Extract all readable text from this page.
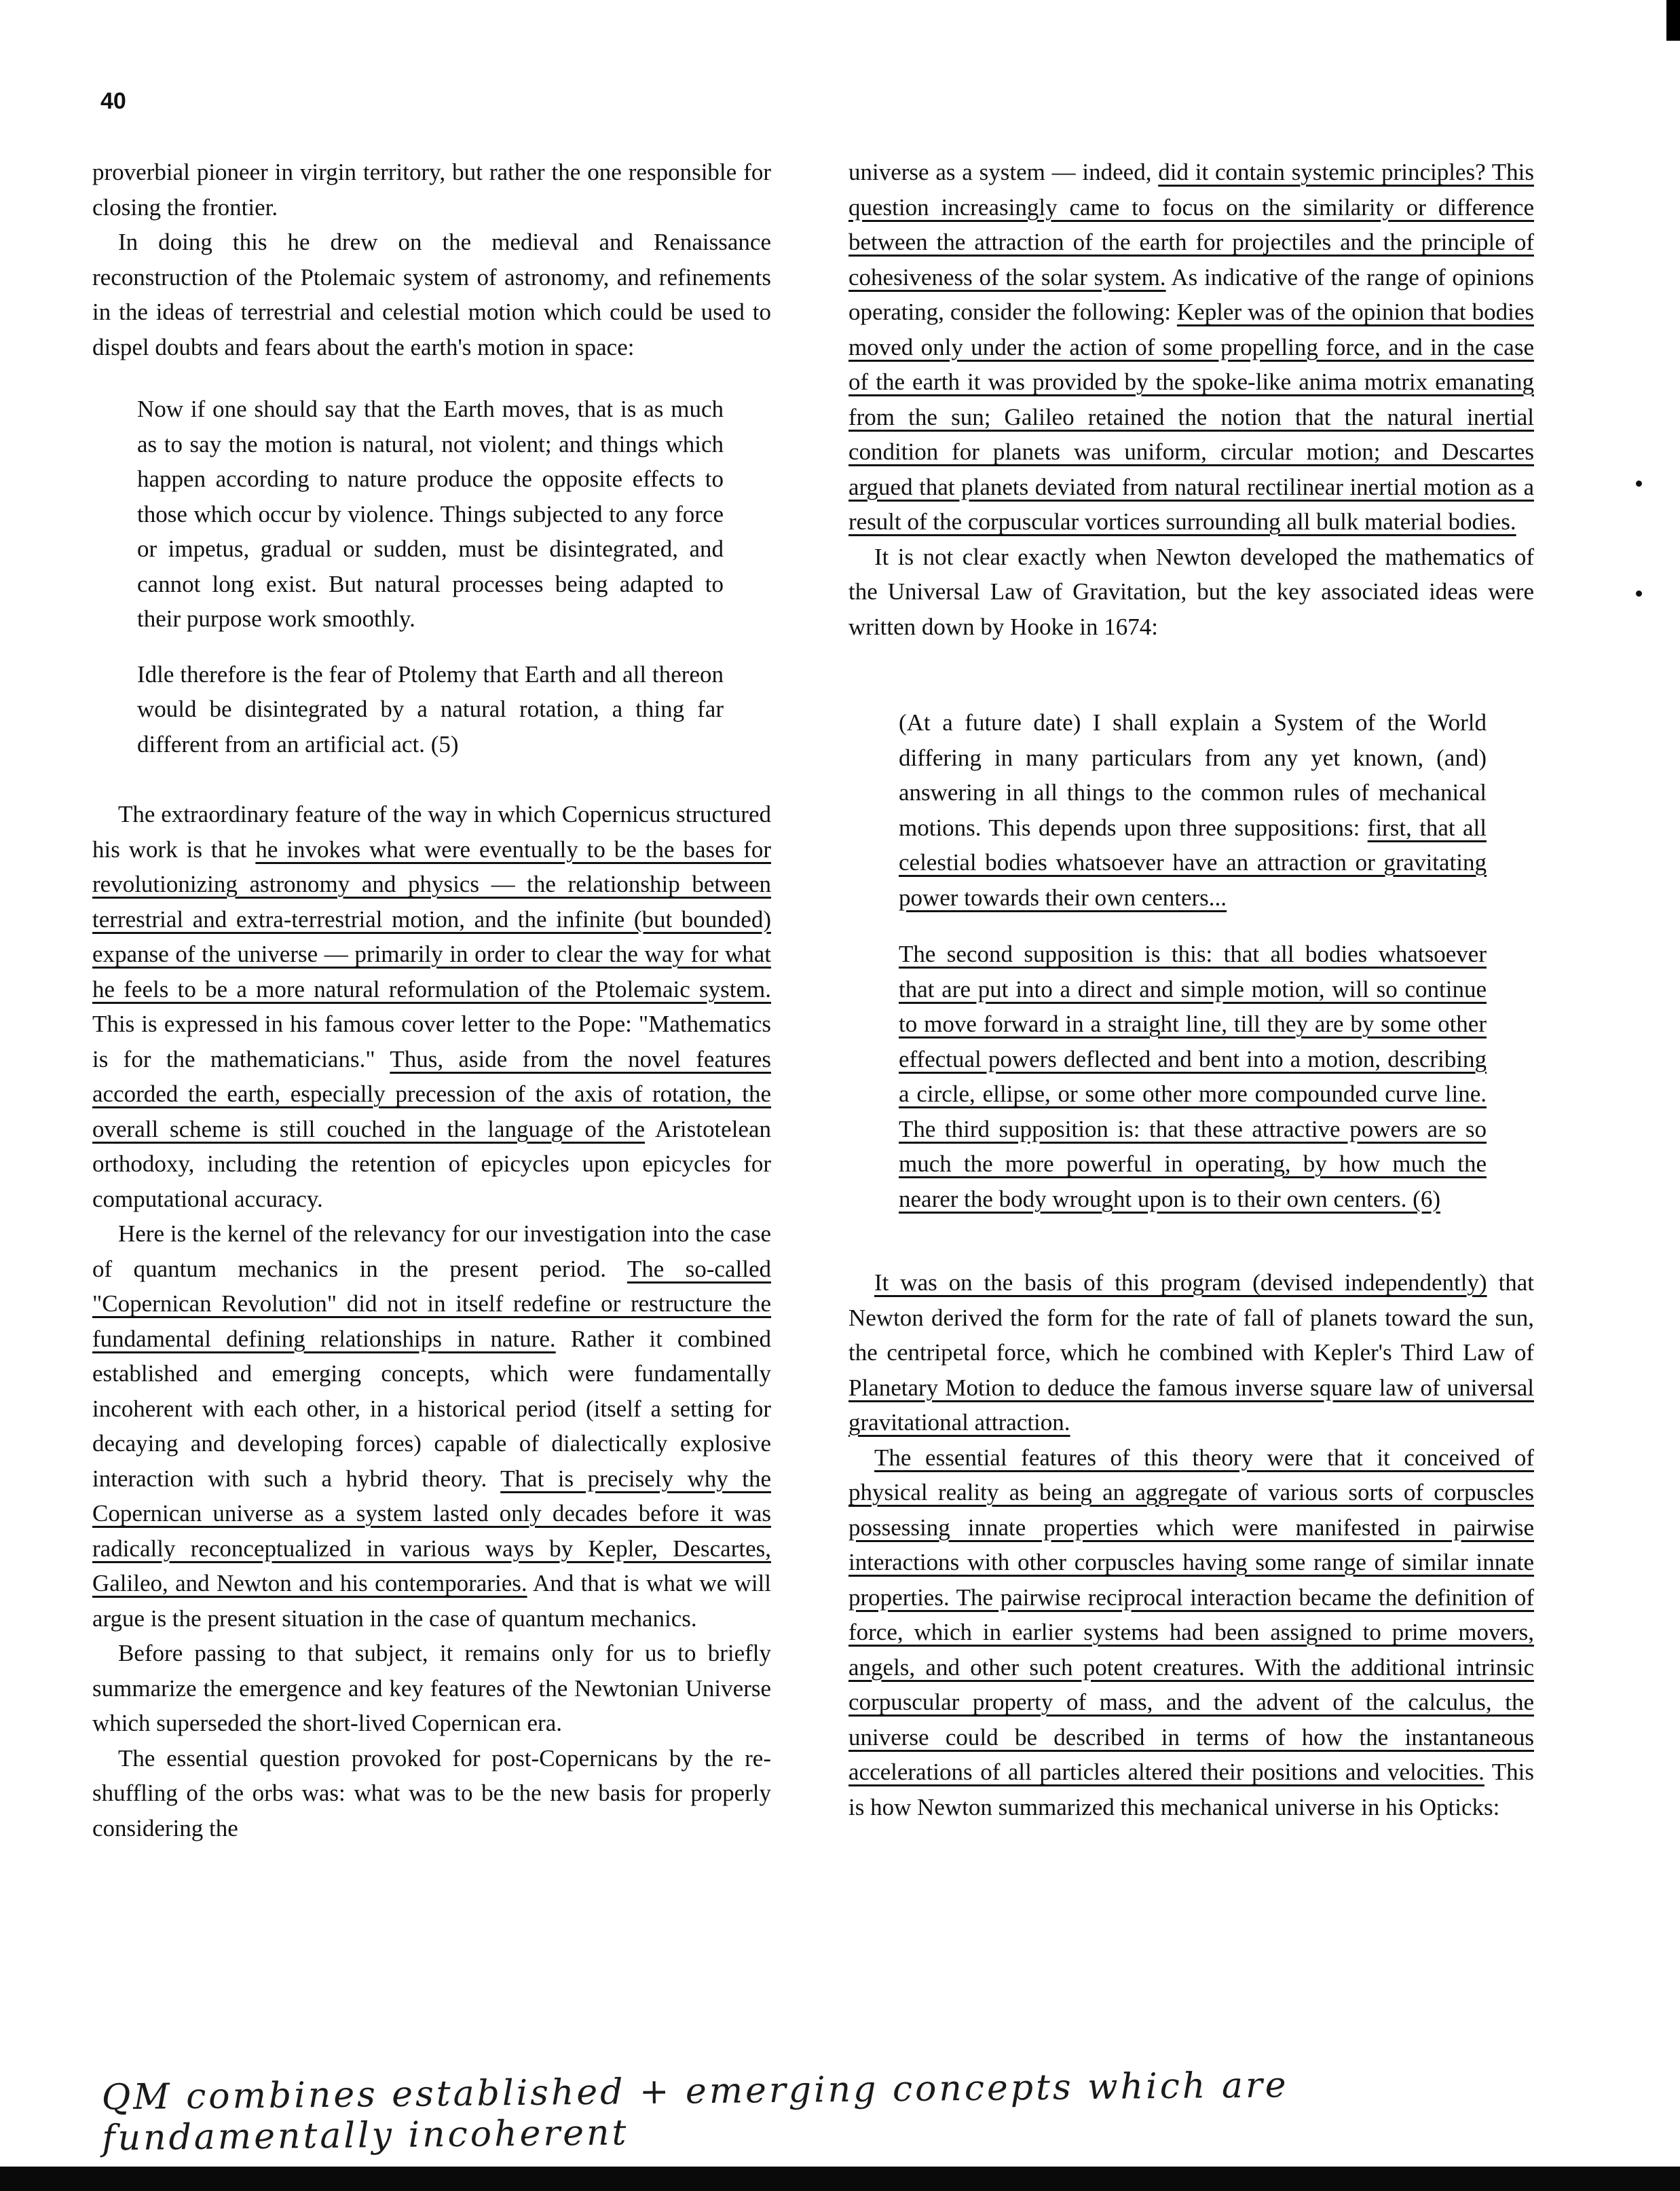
40

proverbial pioneer in virgin territory, but rather the one responsible for closing the frontier.

In doing this he drew on the medieval and Renaissance reconstruction of the Ptolemaic system of astronomy, and refinements in the ideas of terrestrial and celestial motion which could be used to dispel doubts and fears about the earth's motion in space:

Now if one should say that the Earth moves, that is as much as to say the motion is natural, not violent; and things which happen according to nature produce the opposite effects to those which occur by violence. Things subjected to any force or impetus, gradual or sudden, must be disintegrated, and cannot long exist. But natural processes being adapted to their purpose work smoothly.

Idle therefore is the fear of Ptolemy that Earth and all thereon would be disintegrated by a natural rotation, a thing far different from an artificial act. (5)

The extraordinary feature of the way in which Copernicus structured his work is that he invokes what were eventually to be the bases for revolutionizing astronomy and physics — the relationship between terrestrial and extra-terrestrial motion, and the infinite (but bounded) expanse of the universe — primarily in order to clear the way for what he feels to be a more natural reformulation of the Ptolemaic system. This is expressed in his famous cover letter to the Pope: "Mathematics is for the mathematicians." Thus, aside from the novel features accorded the earth, especially precession of the axis of rotation, the overall scheme is still couched in the language of the Aristotelean orthodoxy, including the retention of epicycles upon epicycles for computational accuracy.

Here is the kernel of the relevancy for our investigation into the case of quantum mechanics in the present period. The so-called "Copernican Revolution" did not in itself redefine or restructure the fundamental defining relationships in nature. Rather it combined established and emerging concepts, which were fundamentally incoherent with each other, in a historical period (itself a setting for decaying and developing forces) capable of dialectically explosive interaction with such a hybrid theory. That is precisely why the Copernican universe as a system lasted only decades before it was radically reconceptualized in various ways by Kepler, Descartes, Galileo, and Newton and his contemporaries. And that is what we will argue is the present situation in the case of quantum mechanics.

Before passing to that subject, it remains only for us to briefly summarize the emergence and key features of the Newtonian Universe which superseded the short-lived Copernican era.

The essential question provoked for post-Copernicans by the re-shuffling of the orbs was: what was to be the new basis for properly considering the

universe as a system — indeed, did it contain systemic principles? This question increasingly came to focus on the similarity or difference between the attraction of the earth for projectiles and the principle of cohesiveness of the solar system. As indicative of the range of opinions operating, consider the following: Kepler was of the opinion that bodies moved only under the action of some propelling force, and in the case of the earth it was provided by the spoke-like anima motrix emanating from the sun; Galileo retained the notion that the natural inertial condition for planets was uniform, circular motion; and Descartes argued that planets deviated from natural rectilinear inertial motion as a result of the corpuscular vortices surrounding all bulk material bodies.

It is not clear exactly when Newton developed the mathematics of the Universal Law of Gravitation, but the key associated ideas were written down by Hooke in 1674:

(At a future date) I shall explain a System of the World differing in many particulars from any yet known, (and) answering in all things to the common rules of mechanical motions. This depends upon three suppositions: first, that all celestial bodies whatsoever have an attraction or gravitating power towards their own centers...

The second supposition is this: that all bodies whatsoever that are put into a direct and simple motion, will so continue to move forward in a straight line, till they are by some other effectual powers deflected and bent into a motion, describing a circle, ellipse, or some other more compounded curve line. The third supposition is: that these attractive powers are so much the more powerful in operating, by how much the nearer the body wrought upon is to their own centers. (6)

It was on the basis of this program (devised independently) that Newton derived the form for the rate of fall of planets toward the sun, the centripetal force, which he combined with Kepler's Third Law of Planetary Motion to deduce the famous inverse square law of universal gravitational attraction.

The essential features of this theory were that it conceived of physical reality as being an aggregate of various sorts of corpuscles possessing innate properties which were manifested in pairwise interactions with other corpuscles having some range of similar innate properties. The pairwise reciprocal interaction became the definition of force, which in earlier systems had been assigned to prime movers, angels, and other such potent creatures. With the additional intrinsic corpuscular property of mass, and the advent of the calculus, the universe could be described in terms of how the instantaneous accelerations of all particles altered their positions and velocities. This is how Newton summarized this mechanical universe in his Opticks:

QM combines established + emerging concepts which are fundamentally incoherent
